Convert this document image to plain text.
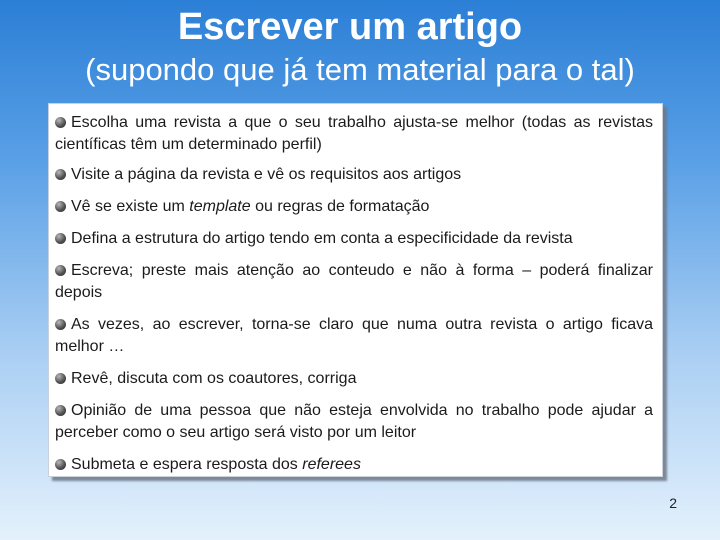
Escrever um artigo
(supondo que já tem material para o tal)
Escolha uma revista a que o seu trabalho ajusta-se melhor (todas as revistas científicas têm um determinado perfil)
Visite a página da revista e vê os requisitos aos artigos
Vê se existe um template ou regras de formatação
Defina a estrutura do artigo tendo em conta a especificidade da revista
Escreva; preste mais atenção ao conteudo e não à forma – poderá finalizar depois
As vezes, ao escrever, torna-se claro que numa outra revista o artigo ficava melhor …
Revê, discuta com os coautores, corriga
Opinião de uma pessoa que não esteja envolvida no trabalho pode ajudar a perceber como o seu artigo será visto por um leitor
Submeta e espera resposta dos referees
2
